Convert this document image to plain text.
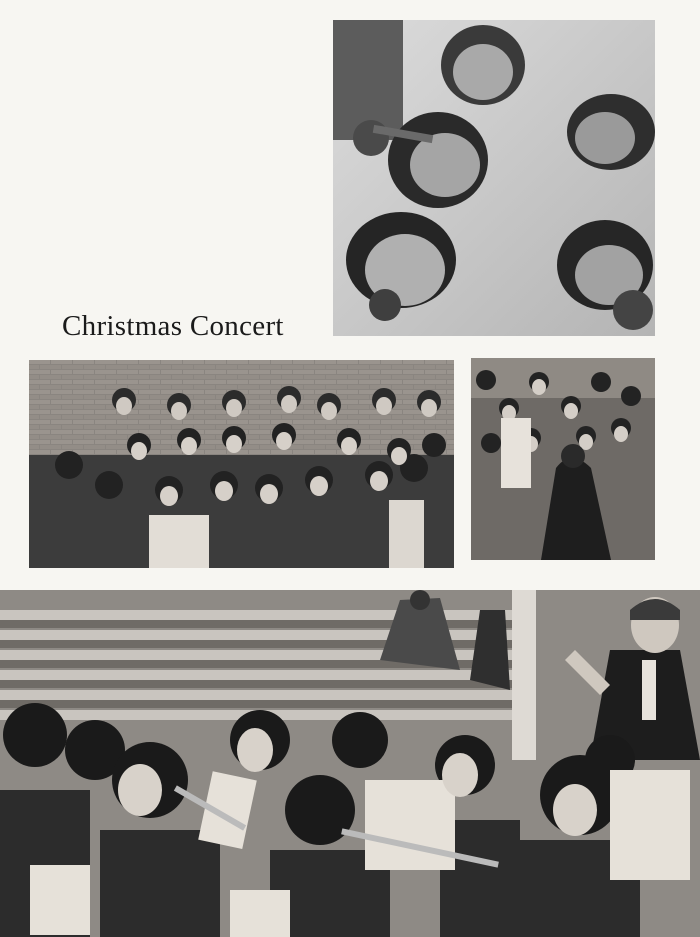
Christmas Concert
